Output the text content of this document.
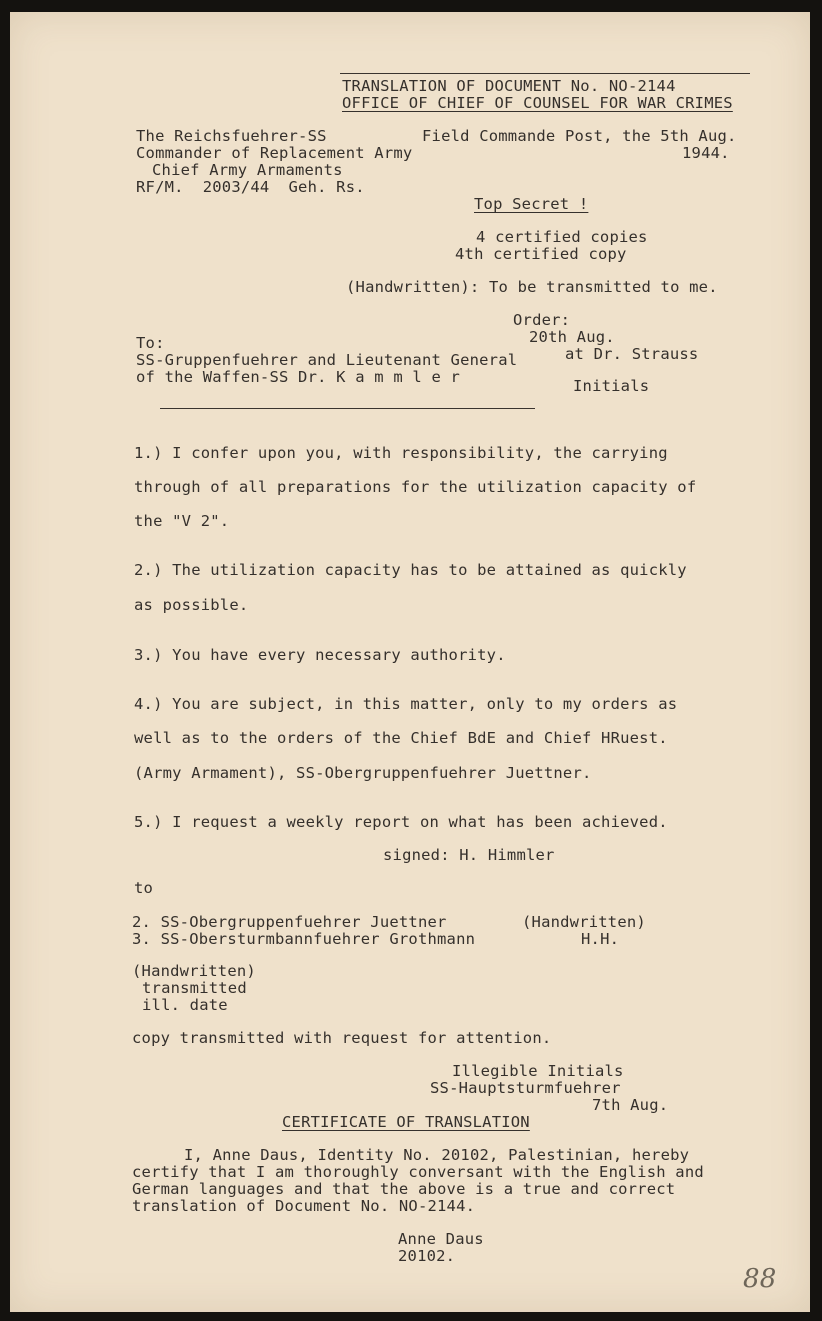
TRANSLATION OF DOCUMENT No. NO-2144
OFFICE OF CHIEF OF COUNSEL FOR WAR CRIMES
The Reichsfuehrer-SS
Commander of Replacement Army
Chief Army Armaments
RF/M.  2003/44  Geh. Rs.
Field Commande Post, the 5th Aug.
1944.
Top Secret !
4 certified copies
4th certified copy
(Handwritten): To be transmitted to me.
Order:
20th Aug.
at Dr. Strauss
Initials
To:
SS-Gruppenfuehrer and Lieutenant General
of the Waffen-SS Dr. K a m m l e r
1.) I confer upon you, with responsibility, the carrying
through of all preparations for the utilization capacity of
the "V 2".
2.) The utilization capacity has to be attained as quickly
as possible.
3.) You have every necessary authority.
4.) You are subject, in this matter, only to my orders as
well as to the orders of the Chief BdE and Chief HRuest.
(Army Armament), SS-Obergruppenfuehrer Juettner.
5.) I request a weekly report on what has been achieved.
signed: H. Himmler
to
2. SS-Obergruppenfuehrer Juettner
3. SS-Obersturmbannfuehrer Grothmann
(Handwritten)
H.H.
(Handwritten)
transmitted
ill. date
copy transmitted with request for attention.
Illegible Initials
SS-Hauptsturmfuehrer
7th Aug.
CERTIFICATE OF TRANSLATION
I, Anne Daus, Identity No. 20102, Palestinian, hereby
certify that I am thoroughly conversant with the English and
German languages and that the above is a true and correct
translation of Document No. NO-2144.
Anne Daus
20102.
88
